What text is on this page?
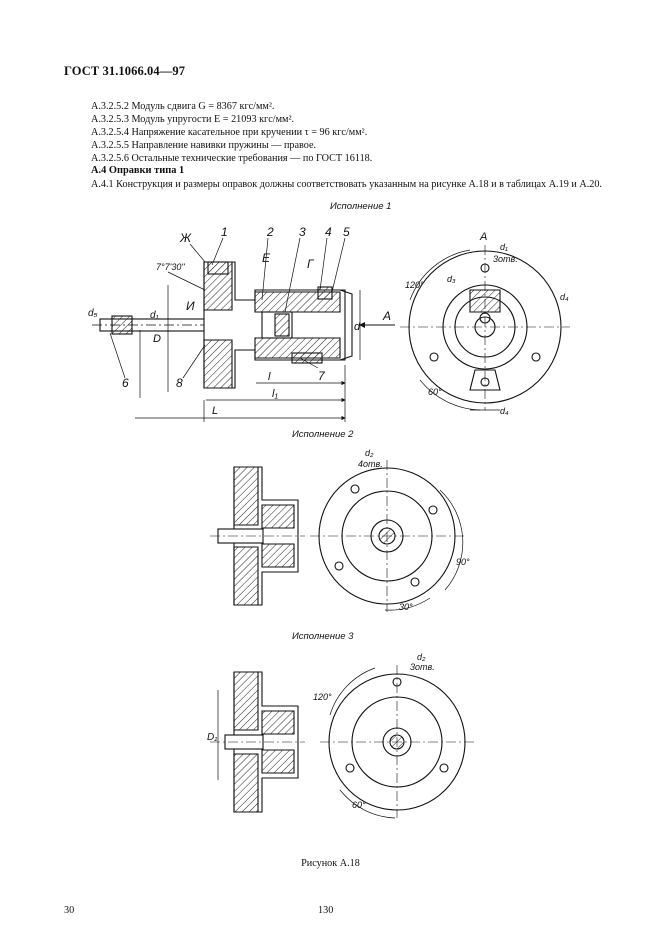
ГОСТ 31.1066.04—97
А.3.2.5.2 Модуль сдвига G = 8367 кгс/мм².
А.3.2.5.3 Модуль упругости E = 21093 кгс/мм².
А.3.2.5.4 Напряжение касательное при кручении τ = 96 кгс/мм².
А.3.2.5.5 Направление навивки пружины — правое.
А.3.2.5.6 Остальные технические требования — по ГОСТ 16118.
А.4 Оправки типа 1
А.4.1 Конструкция и размеры оправок должны соответствовать указанным на рисунке А.18 и в таблицах А.19 и А.20.
Исполнение 1
Исполнение 2
Исполнение 3
1	2 3 4 5
6	7
8
Ж
Е	Г
И
А
7°7'30"
l
l₁
L
D
d₁
d₅
d
А
d₁
3отв.
d₃
d₄
d₄
120°
60°
d₂
4отв.
90°
30°
d₂
3отв.
120°
60°
D₁
Рисунок А.18
30	130
